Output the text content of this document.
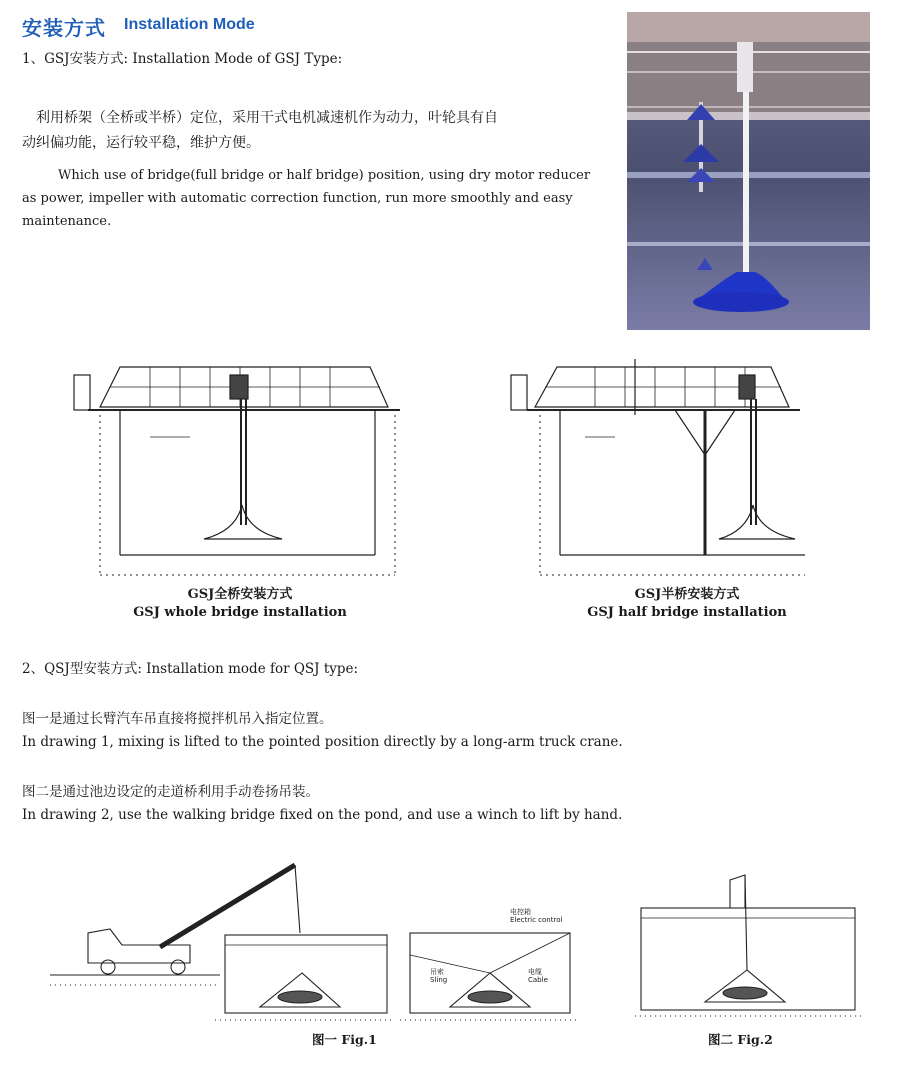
安装方式 Installation Mode
1、GSJ安装方式: Installation Mode of GSJ Type:
利用桥架（全桥或半桥）定位，采用干式电机减速机作为动力，叶轮具有自
动纠偏功能，运行较平稳，维护方便。
Which use of bridge(full bridge or half bridge) position, using dry motor reducer
as power, impeller with automatic correction function, run more smoothly and easy
maintenance.
GSJ全桥安装方式
GSJ whole bridge installation
GSJ半桥安装方式
GSJ half bridge installation
2、QSJ型安装方式: Installation mode for QSJ type:
图一是通过长臂汽车吊直接将搅拌机吊入指定位置。
In drawing 1, mixing is lifted to the pointed position directly by a long-arm truck crane.
图二是通过池边设定的走道桥利用手动卷扬吊装。
In drawing 2, use the walking bridge fixed on the pond, and use a winch to lift by hand.
电控箱
Electric control
吊索
Sling
电缆
Cable
图一 Fig.1	图二 Fig.2
